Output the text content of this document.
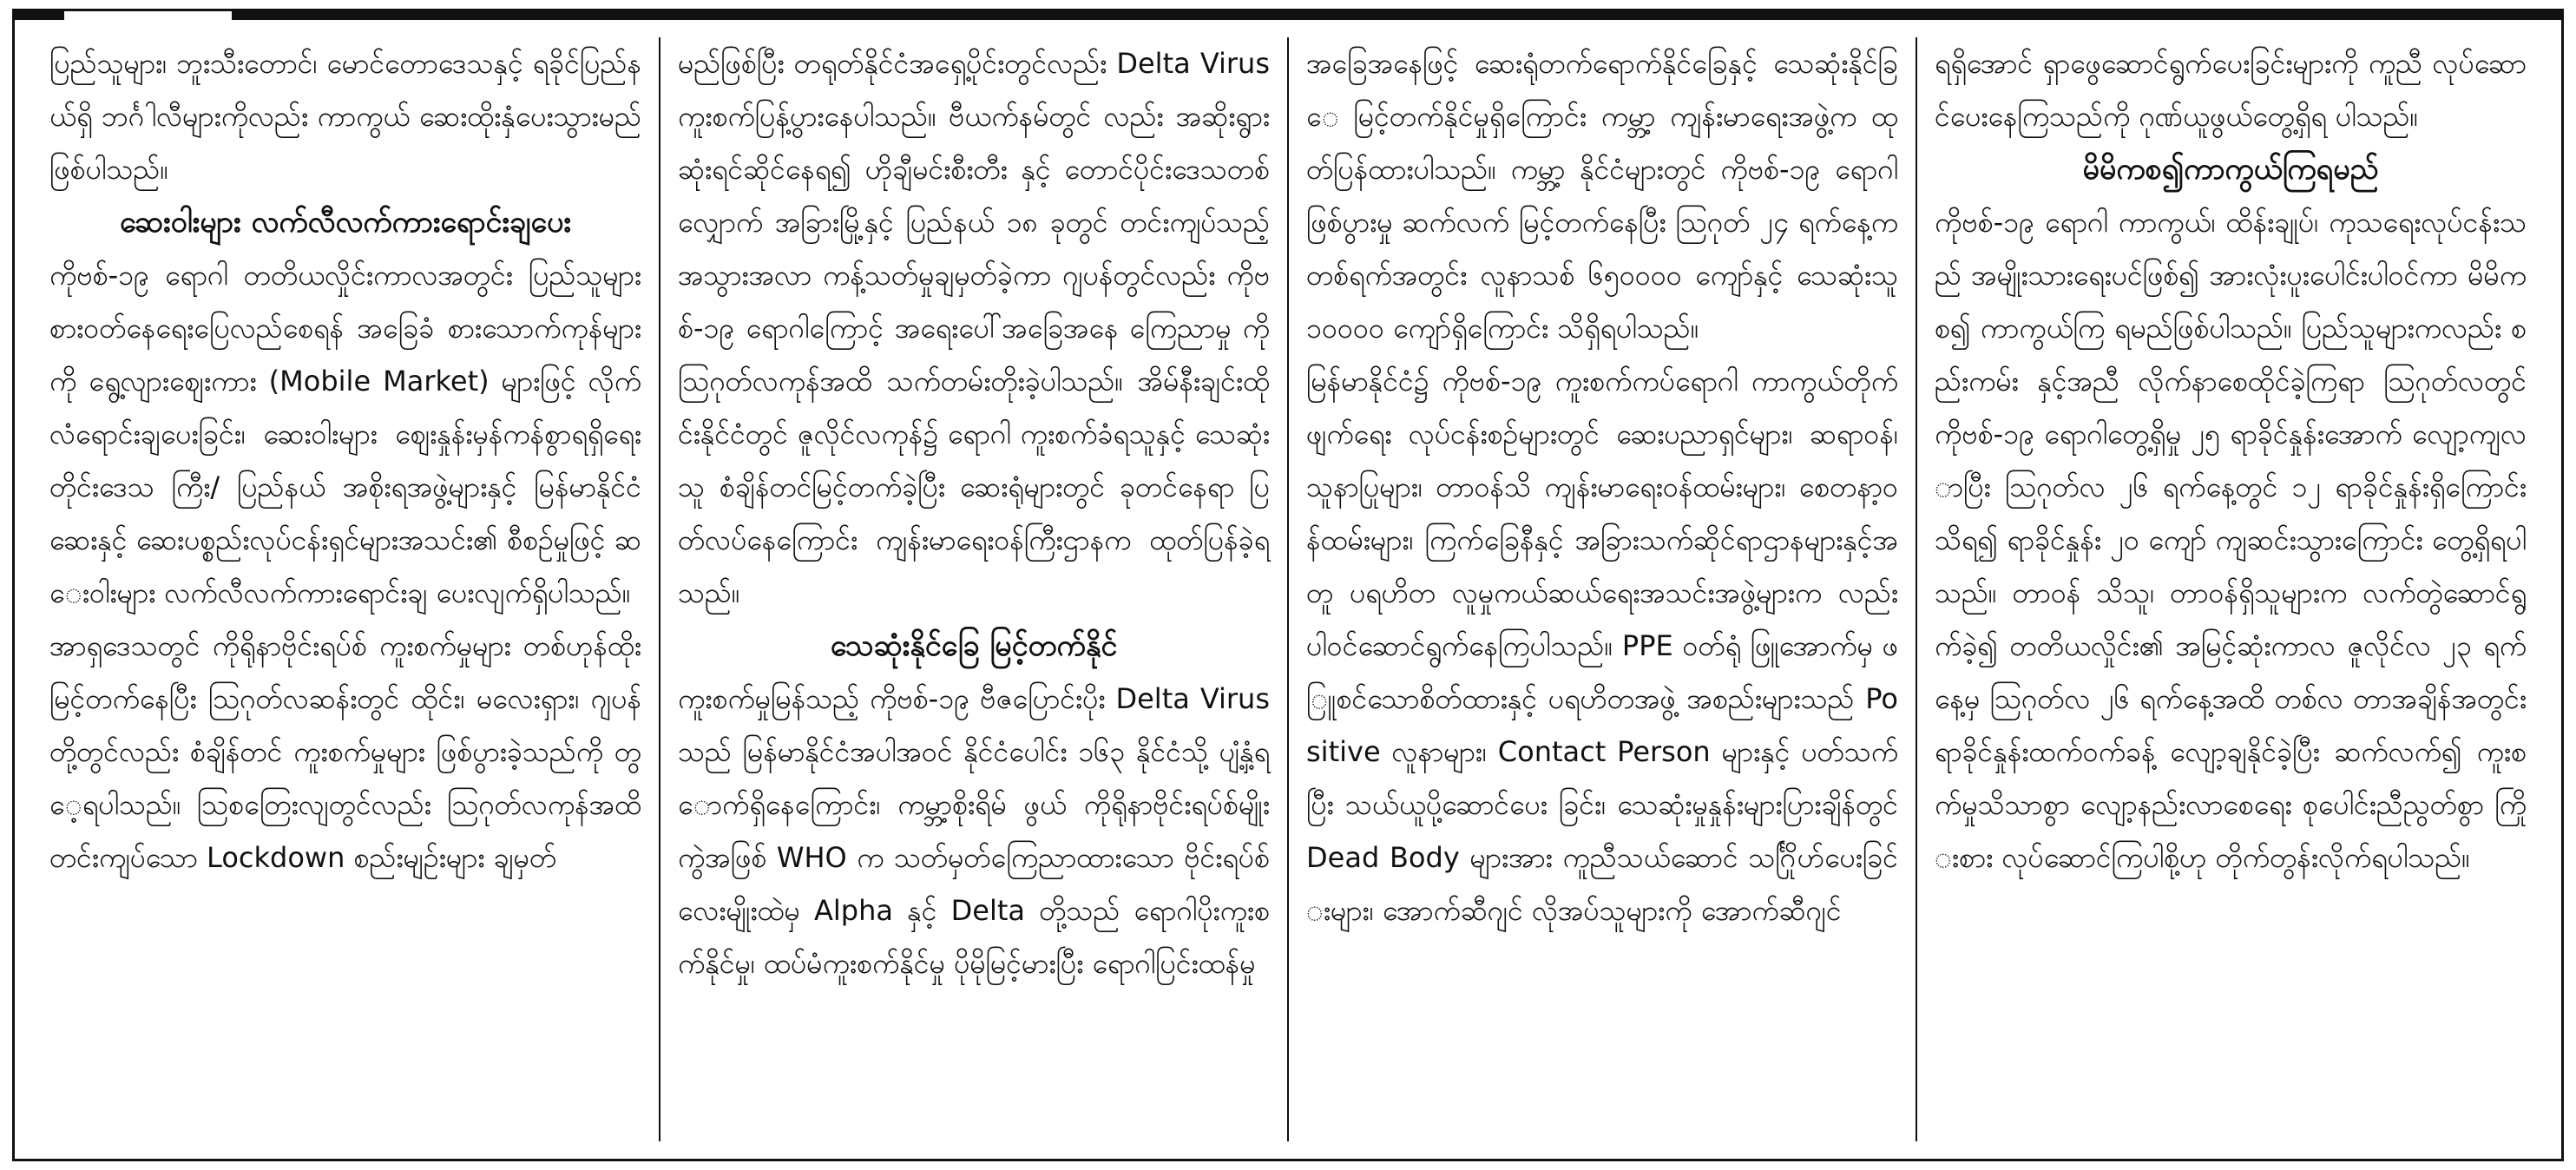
ပြည်သူများ၊ ဘူးသီးတောင်၊ မောင်တောဒေသနှင့် ရခိုင်ပြည်နယ်ရှိ ဘင်္ဂါလီများကိုလည်း ကာကွယ် ဆေးထိုးနှံပေးသွားမည်ဖြစ်ပါသည်။

ဆေးဝါးများ လက်လီလက်ကားရောင်းချပေး

ကိုဗစ်-၁၉ ရောဂါ တတိယလှိုင်းကာလအတွင်း ပြည်သူများ စားဝတ်နေရေးပြေလည်စေရန် အခြေခံ စားသောက်ကုန်များကို ရွေ့လျားဈေးကား (Mobile Market) များဖြင့် လိုက်လံရောင်းချပေးခြင်း၊ ဆေးဝါးများ ဈေးနှုန်းမှန်ကန်စွာရရှိရေး တိုင်းဒေသ ကြီး/ ပြည်နယ် အစိုးရအဖွဲ့များနှင့် မြန်မာနိုင်ငံ ဆေးနှင့် ဆေးပစ္စည်းလုပ်ငန်းရှင်များအသင်း၏ စီစဉ်မှုဖြင့် ဆေးဝါးများ လက်လီလက်ကားရောင်းချ ပေးလျက်ရှိပါသည်။

အာရှဒေသတွင် ကိုရိုနာဗိုင်းရပ်စ် ကူးစက်မှုများ တစ်ဟုန်ထိုးမြင့်တက်နေပြီး ဩဂုတ်လဆန်းတွင် ထိုင်း၊ မလေးရှား၊ ဂျပန်တို့တွင်လည်း စံချိန်တင် ကူးစက်မှုများ ဖြစ်ပွားခဲ့သည်ကို တွေ့ရပါသည်။ ဩစတြေးလျတွင်လည်း ဩဂုတ်လကုန်အထိ တင်းကျပ်သော Lockdown စည်းမျဉ်းများ ချမှတ်

မည်ဖြစ်ပြီး တရုတ်နိုင်ငံအရှေ့ပိုင်းတွင်လည်း Delta Virus ကူးစက်ပြန့်ပွားနေပါသည်။ ဗီယက်နမ်တွင် လည်း အဆိုးရွားဆုံးရင်ဆိုင်နေရ၍ ဟိုချီမင်းစီးတီး နှင့် တောင်ပိုင်းဒေသတစ်လျှောက် အခြားမြို့နှင့် ပြည်နယ် ၁၈ ခုတွင် တင်းကျပ်သည့် အသွားအလာ ကန့်သတ်မှုချမှတ်ခဲ့ကာ ဂျပန်တွင်လည်း ကိုဗစ်-၁၉ ရောဂါကြောင့် အရေးပေါ်အခြေအနေ ကြေညာမှု ကို ဩဂုတ်လကုန်အထိ သက်တမ်းတိုးခဲ့ပါသည်။ အိမ်နီးချင်းထိုင်းနိုင်ငံတွင် ဇူလိုင်လကုန်၌ ရောဂါ ကူးစက်ခံရသူနှင့် သေဆုံးသူ စံချိန်တင်မြင့်တက်ခဲ့ပြီး ဆေးရုံများတွင် ခုတင်နေရာ ပြတ်လပ်နေကြောင်း ကျန်းမာရေးဝန်ကြီးဌာနက ထုတ်ပြန်ခဲ့ရသည်။

သေဆုံးနိုင်ခြေ မြင့်တက်နိုင်

ကူးစက်မှုမြန်သည့် ကိုဗစ်-၁၉ ဗီဇပြောင်းပိုး Delta Virus သည် မြန်မာနိုင်ငံအပါအဝင် နိုင်ငံပေါင်း ၁၆၃ နိုင်ငံသို့ ပျံ့နှံ့ရောက်ရှိနေကြောင်း၊ ကမ္ဘာ့စိုးရိမ် ဖွယ် ကိုရိုနာဗိုင်းရပ်စ်မျိုးကွဲအဖြစ် WHO က သတ်မှတ်ကြေညာထားသော ဗိုင်းရပ်စ်လေးမျိုးထဲမှ Alpha နှင့် Delta တို့သည် ရောဂါပိုးကူးစက်နိုင်မှု၊ ထပ်မံကူးစက်နိုင်မှု ပိုမိုမြင့်မားပြီး ရောဂါပြင်းထန်မှု

အခြေအနေဖြင့် ဆေးရုံတက်ရောက်နိုင်ခြေနှင့် သေဆုံးနိုင်ခြေ မြင့်တက်နိုင်မှုရှိကြောင်း ကမ္ဘာ့ ကျန်းမာရေးအဖွဲ့က ထုတ်ပြန်ထားပါသည်။ ကမ္ဘာ့ နိုင်ငံများတွင် ကိုဗစ်-၁၉ ရောဂါ ဖြစ်ပွားမှု ဆက်လက် မြင့်တက်နေပြီး ဩဂုတ် ၂၄ ရက်နေ့က တစ်ရက်အတွင်း လူနာသစ် ၆၅၀၀၀၀ ကျော်နှင့် သေဆုံးသူ ၁၀၀၀၀ ကျော်ရှိကြောင်း သိရှိရပါသည်။

မြန်မာနိုင်ငံ၌ ကိုဗစ်-၁၉ ကူးစက်ကပ်ရောဂါ ကာကွယ်တိုက်ဖျက်ရေး လုပ်ငန်းစဉ်များတွင် ဆေးပညာရှင်များ၊ ဆရာဝန်၊ သူနာပြုများ၊ တာဝန်သိ ကျန်းမာရေးဝန်ထမ်းများ၊ စေတနာ့ဝန်ထမ်းများ၊ ကြက်ခြေနီနှင့် အခြားသက်ဆိုင်ရာဌာနများနှင့်အတူ ပရဟိတ လူမှုကယ်ဆယ်ရေးအသင်းအဖွဲ့များက လည်း ပါဝင်ဆောင်ရွက်နေကြပါသည်။ PPE ဝတ်ရုံ ဖြူအောက်မှ ဖြူစင်သောစိတ်ထားနှင့် ပရဟိတအဖွဲ့ အစည်းများသည် Positive လူနာများ၊ Contact Person များနှင့် ပတ်သက်ပြီး သယ်ယူပို့ဆောင်ပေး ခြင်း၊ သေဆုံးမှုနှုန်းများပြားချိန်တွင် Dead Body များအား ကူညီသယ်ဆောင် သင်္ဂြိုဟ်ပေးခြင်းများ၊ အောက်ဆီဂျင် လိုအပ်သူများကို အောက်ဆီဂျင်

ရရှိအောင် ရှာဖွေဆောင်ရွက်ပေးခြင်းများကို ကူညီ လုပ်ဆောင်ပေးနေကြသည်ကို ဂုဏ်ယူဖွယ်တွေ့ရှိရ ပါသည်။

မိမိကစ၍ကာကွယ်ကြရမည်

ကိုဗစ်-၁၉ ရောဂါ ကာကွယ်၊ ထိန်းချုပ်၊ ကုသရေးလုပ်ငန်းသည် အမျိုးသားရေးပင်ဖြစ်၍ အားလုံးပူးပေါင်းပါဝင်ကာ မိမိကစ၍ ကာကွယ်ကြ ရမည်ဖြစ်ပါသည်။ ပြည်သူများကလည်း စည်းကမ်း နှင့်အညီ လိုက်နာစေထိုင်ခဲ့ကြရာ ဩဂုတ်လတွင် ကိုဗစ်-၁၉ ရောဂါတွေ့ရှိမှု ၂၅ ရာခိုင်နှုန်းအောက် လျော့ကျလာပြီး ဩဂုတ်လ ၂၆ ရက်နေ့တွင် ၁၂ ရာခိုင်နှုန်းရှိကြောင်း သိရ၍ ရာခိုင်နှုန်း ၂၀ ကျော် ကျဆင်းသွားကြောင်း တွေ့ရှိရပါသည်။ တာဝန် သိသူ၊ တာဝန်ရှိသူများက လက်တွဲဆောင်ရွက်ခဲ့၍ တတိယလှိုင်း၏ အမြင့်ဆုံးကာလ ဇူလိုင်လ ၂၃ ရက်နေ့မှ ဩဂုတ်လ ၂၆ ရက်နေ့အထိ တစ်လ တာအချိန်အတွင်း ရာခိုင်နှုန်းထက်ဝက်ခန့် လျော့ချနိုင်ခဲ့ပြီး ဆက်လက်၍ ကူးစက်မှုသိသာစွာ လျော့နည်းလာစေရေး စုပေါင်းညီညွတ်စွာ ကြိုးစား လုပ်ဆောင်ကြပါစို့ဟု တိုက်တွန်းလိုက်ရပါသည်။
